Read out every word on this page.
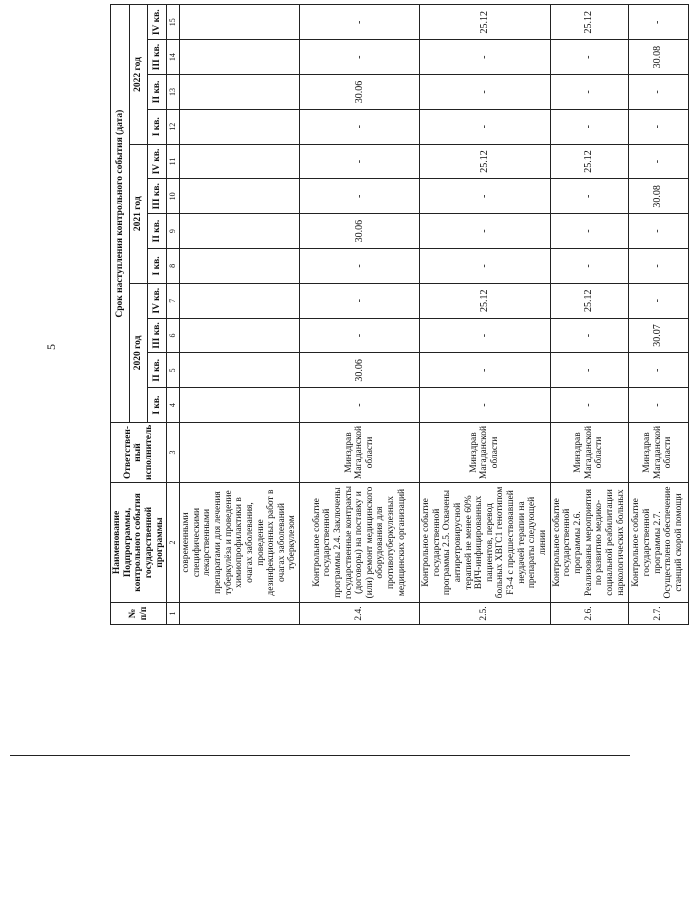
5
№ п/п	Наименование Подпрограммы, контрольного события государственной программы	Ответствен-ный исполнитель	Срок наступления контрольного события (дата)											
			2020 год				2021 год				2022 год			
			I кв.	II кв.	III кв.	IV кв.	I кв.	II кв.	III кв.	IV кв.	I кв.	II кв.	III кв.	IV кв.
1	2	3	4	5	6	7	8	9	10	11	12	13	14	15
	современными специфическими лекарственными препаратами для лечения туберкулёза и проведение химиопрофилактики в очагах заболевания, проведение дезинфекционных работ в очагах заболеваний туберкулезом													
2.4.	Контрольное событие государственной программы 2.4. Заключены государственные контракты (договоры) на поставку и (или) ремонт медицинского оборудования для противотуберкулезных медицинских организаций	Минздрав Магаданской области	-	30.06	-	-	-	30.06	-	-	-	30.06	-	-
2.5.	Контрольное событие государственной программы 2.5. Охвачены антиретровирусной терапией не менее 60% ВИЧ-инфицированных пациентов, перевод больных ХВГС1 генотипом F3-4 с предшествовавшей неудачей терапии на препараты следующей линии	Минздрав Магаданской области	-	-	-	25.12	-	-	-	25.12	-	-	-	25.12
2.6.	Контрольное событие государственной программы 2.6. Реализованы мероприятия по развитию медико-социальной реабилитации наркологических больных	Минздрав Магаданской области	-	-	-	25.12	-	-	-	25.12	-	-	-	25.12
2.7.	Контрольное событие государственной программы 2.7. Осуществлено обеспечение станций скорой помощи	Минздрав Магаданской области	-	-	30.07	-	-	-	30.08	-	-	-	30.08	-
